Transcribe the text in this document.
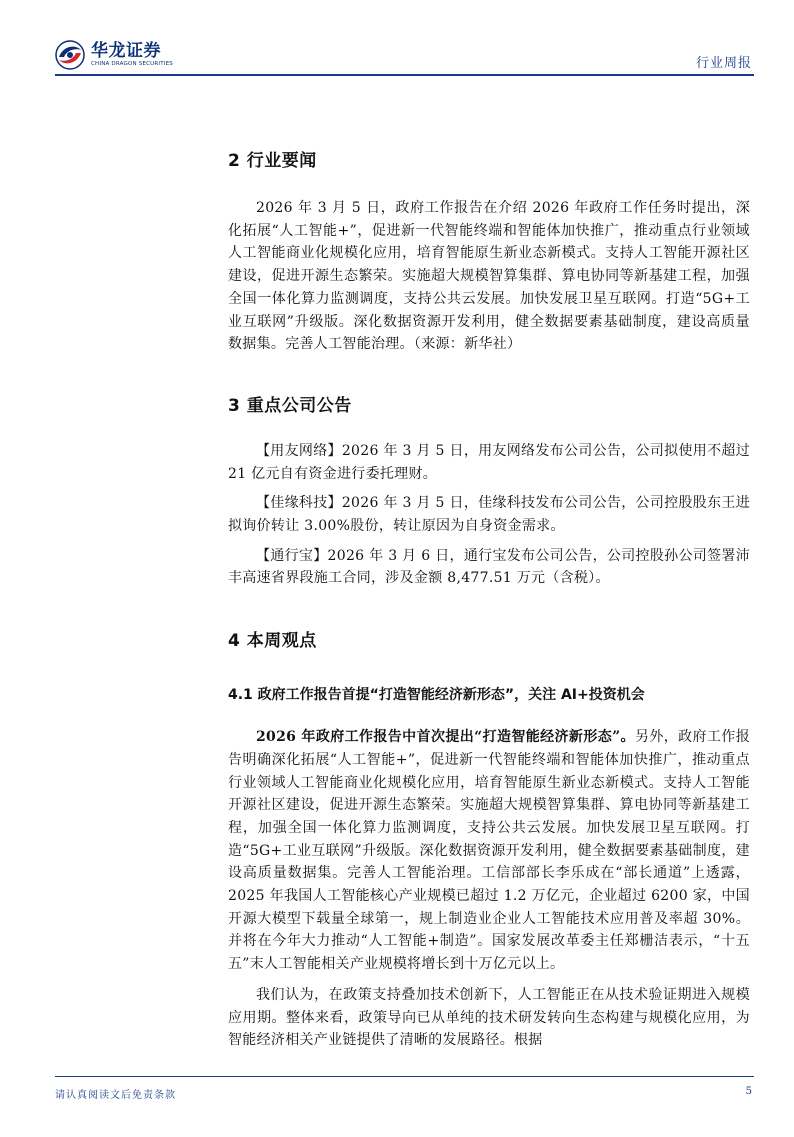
华龙证券
CHINA DRAGON SECURITIES	行业周报
2 行业要闻

2026 年 3 月 5 日，政府工作报告在介绍 2026 年政府工作任务时提出，深化拓展“人工智能+”，促进新一代智能终端和智能体加快推广，推动重点行业领域人工智能商业化规模化应用，培育智能原生新业态新模式。支持人工智能开源社区建设，促进开源生态繁荣。实施超大规模智算集群、算电协同等新基建工程，加强全国一体化算力监测调度，支持公共云发展。加快发展卫星互联网。打造“5G+工业互联网”升级版。深化数据资源开发利用，健全数据要素基础制度，建设高质量数据集。完善人工智能治理。（来源：新华社）

3 重点公司公告

【用友网络】2026 年 3 月 5 日，用友网络发布公司公告，公司拟使用不超过 21 亿元自有资金进行委托理财。

【佳缘科技】2026 年 3 月 5 日，佳缘科技发布公司公告，公司控股股东王进拟询价转让 3.00%股份，转让原因为自身资金需求。

【通行宝】2026 年 3 月 6 日，通行宝发布公司公告，公司控股孙公司签署沛丰高速省界段施工合同，涉及金额 8,477.51 万元（含税）。

4 本周观点
4.1 政府工作报告首提“打造智能经济新形态”，关注 AI+投资机会

2026 年政府工作报告中首次提出“打造智能经济新形态”。另外，政府工作报告明确深化拓展“人工智能+”，促进新一代智能终端和智能体加快推广，推动重点行业领域人工智能商业化规模化应用，培育智能原生新业态新模式。支持人工智能开源社区建设，促进开源生态繁荣。实施超大规模智算集群、算电协同等新基建工程，加强全国一体化算力监测调度，支持公共云发展。加快发展卫星互联网。打造“5G+工业互联网”升级版。深化数据资源开发利用，健全数据要素基础制度，建设高质量数据集。完善人工智能治理。工信部部长李乐成在“部长通道”上透露，2025 年我国人工智能核心产业规模已超过 1.2 万亿元，企业超过 6200 家，中国开源大模型下载量全球第一，规上制造业企业人工智能技术应用普及率超 30%。并将在今年大力推动“人工智能+制造”。国家发展改革委主任郑栅洁表示，“十五五”末人工智能相关产业规模将增长到十万亿元以上。

我们认为，在政策支持叠加技术创新下，人工智能正在从技术验证期进入规模应用期。整体来看，政策导向已从单纯的技术研发转向生态构建与规模化应用，为智能经济相关产业链提供了清晰的发展路径。根据

请认真阅读文后免责条款	5
